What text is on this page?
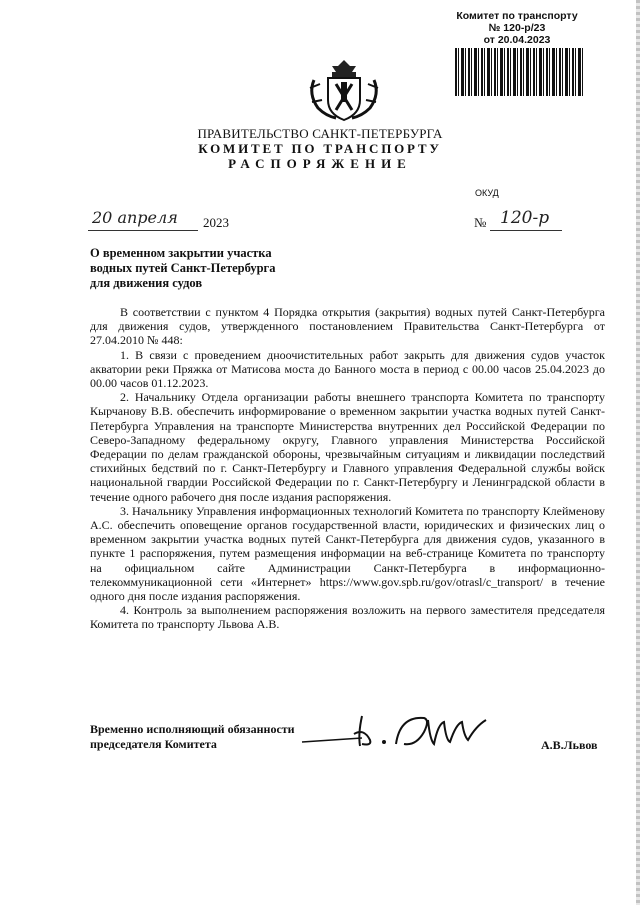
Комитет по транспорту
№ 120-р/23
от 20.04.2023
ПРАВИТЕЛЬСТВО САНКТ-ПЕТЕРБУРГА
КОМИТЕТ ПО ТРАНСПОРТУ
РАСПОРЯЖЕНИЕ
ОКУД
20 апреля 2023	№ 120-р
О временном закрытии участка
водных путей Санкт-Петербурга
для движения судов

В соответствии с пунктом 4 Порядка открытия (закрытия) водных путей Санкт-Петербурга для движения судов, утвержденного постановлением Правительства Санкт-Петербурга от 27.04.2010 № 448:

1. В связи с проведением дноочистительных работ закрыть для движения судов участок акватории реки Пряжка от Матисова моста до Банного моста в период с 00.00 часов 25.04.2023 до 00.00 часов 01.12.2023.

2. Начальнику Отдела организации работы внешнего транспорта Комитета по транспорту Кырчанову В.В. обеспечить информирование о временном закрытии участка водных путей Санкт-Петербурга Управления на транспорте Министерства внутренних дел Российской Федерации по Северо-Западному федеральному округу, Главного управления Министерства Российской Федерации по делам гражданской обороны, чрезвычайным ситуациям и ликвидации последствий стихийных бедствий по г. Санкт-Петербургу и Главного управления Федеральной службы войск национальной гвардии Российской Федерации по г. Санкт-Петербургу и Ленинградской области в течение одного рабочего дня после издания распоряжения.

3. Начальнику Управления информационных технологий Комитета по транспорту Клейменову А.С. обеспечить оповещение органов государственной власти, юридических и физических лиц о временном закрытии участка водных путей Санкт-Петербурга для движения судов, указанного в пункте 1 распоряжения, путем размещения информации на веб-странице Комитета по транспорту на официальном сайте Администрации Санкт-Петербурга в информационно-телекоммуникационной сети «Интернет» https://www.gov.spb.ru/gov/otrasl/c_transport/ в течение одного дня после издания распоряжения.

4. Контроль за выполнением распоряжения возложить на первого заместителя председателя Комитета по транспорту Львова А.В.

Временно исполняющий обязанности
председателя Комитета	А.В.Львов
